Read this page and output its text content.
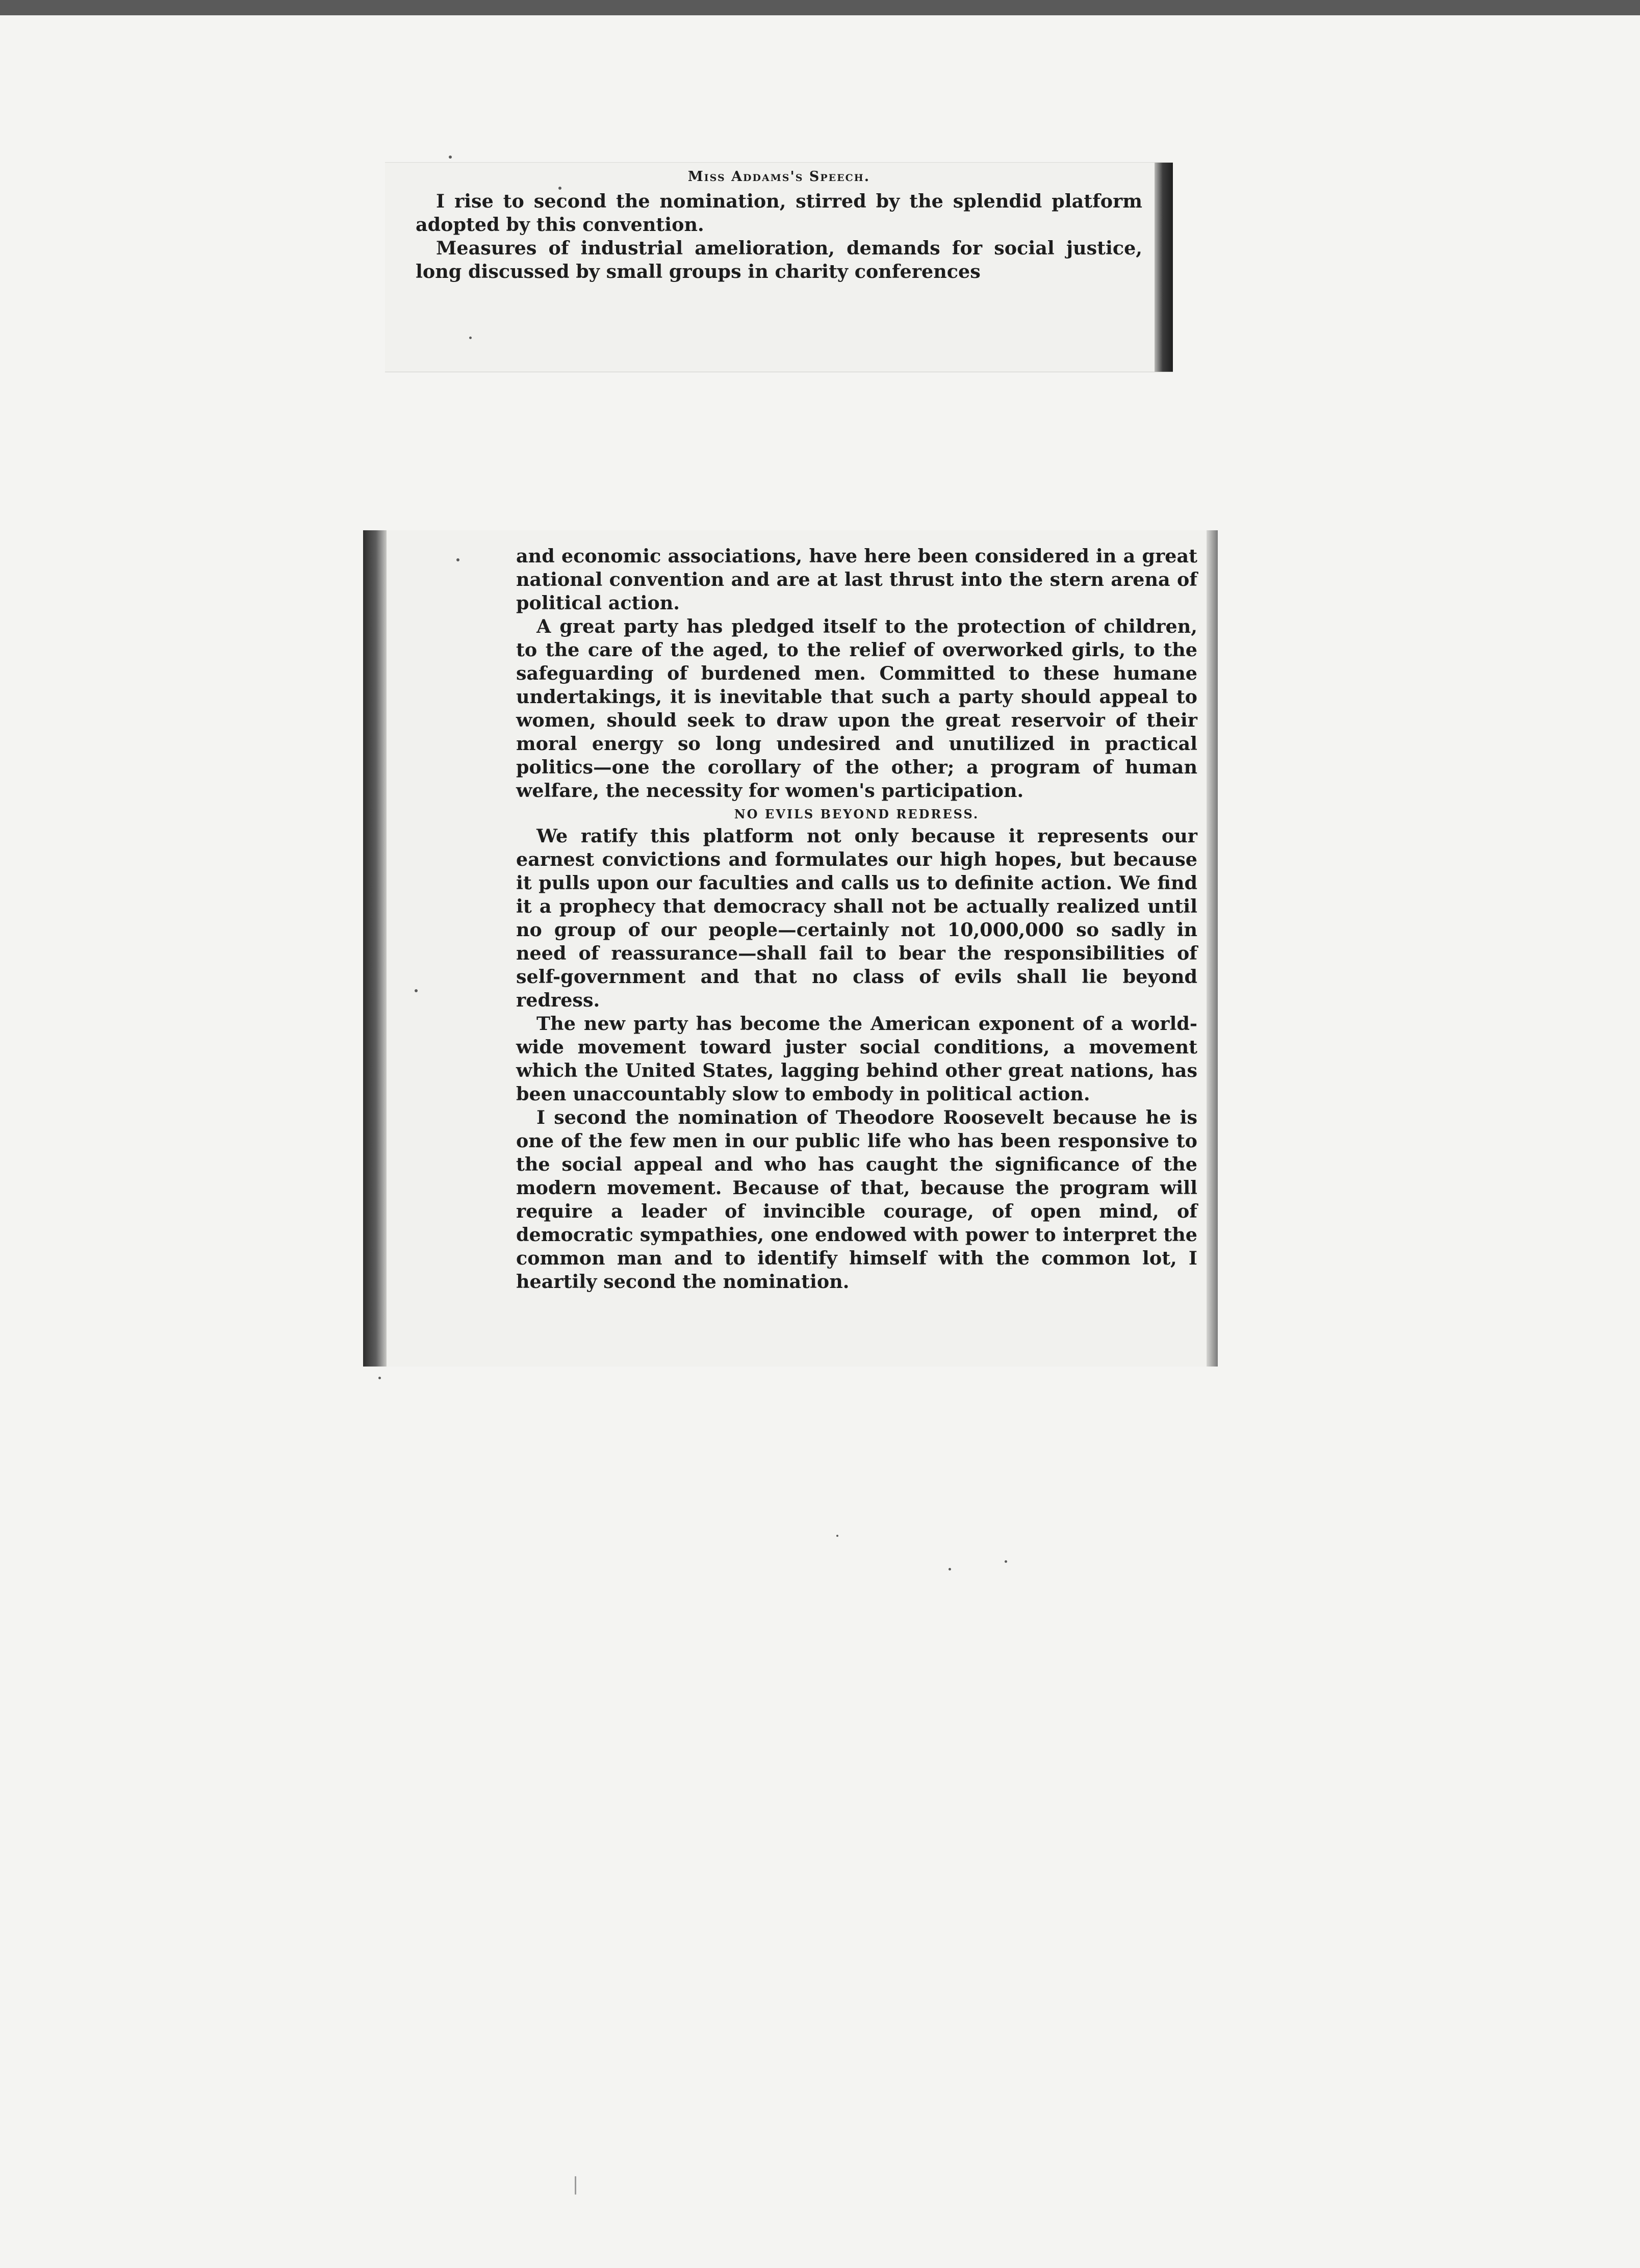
Miss Addams's Speech.

I rise to second the nomination, stirred by the splendid platform adopted by this convention.

Measures of industrial amelioration, demands for social justice, long discussed by small groups in charity conferences

and economic associations, have here been considered in a great national convention and are at last thrust into the stern arena of political action.

A great party has pledged itself to the protection of children, to the care of the aged, to the relief of overworked girls, to the safeguarding of burdened men. Committed to these humane undertakings, it is inevitable that such a party should appeal to women, should seek to draw upon the great reservoir of their moral energy so long undesired and unutilized in practical politics—one the corollary of the other; a program of human welfare, the necessity for women's participation.

NO EVILS BEYOND REDRESS.

We ratify this platform not only because it represents our earnest convictions and formulates our high hopes, but because it pulls upon our faculties and calls us to definite action. We find it a prophecy that democracy shall not be actually realized until no group of our people—certainly not 10,000,000 so sadly in need of reassurance—shall fail to bear the responsibilities of self-government and that no class of evils shall lie beyond redress.

The new party has become the American exponent of a world-wide movement toward juster social conditions, a movement which the United States, lagging behind other great nations, has been unaccountably slow to embody in political action.

I second the nomination of Theodore Roosevelt because he is one of the few men in our public life who has been responsive to the social appeal and who has caught the significance of the modern movement. Because of that, because the program will require a leader of invincible courage, of open mind, of democratic sympathies, one endowed with power to interpret the common man and to identify himself with the common lot, I heartily second the nomination.
